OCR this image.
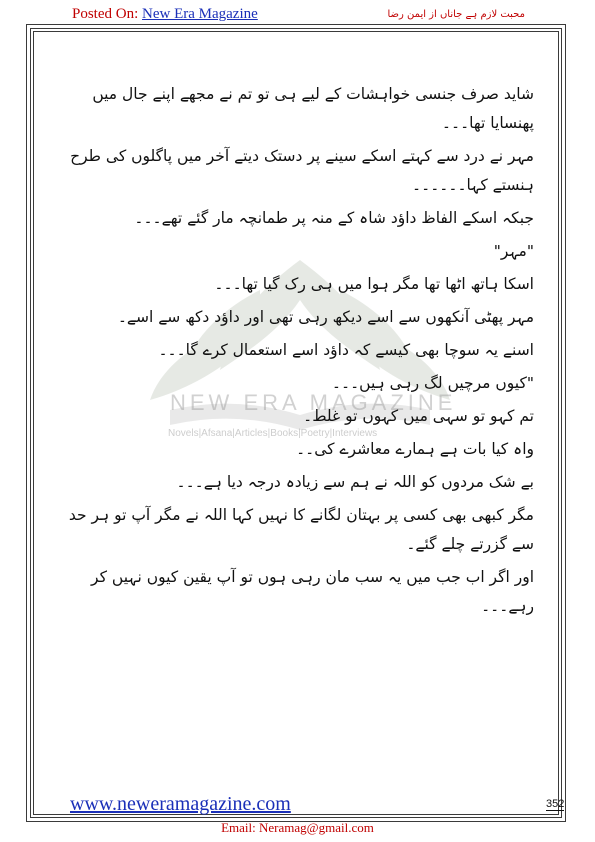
Posted On: New Era Magazine	محبت لازم ہے جاناں از ایمن رضا
NEW ERA MAGAZINE
Novels|Afsana|Articles|Books|Poetry|Interviews

شاید صرف جنسی خواہشات کے لیے ہی تو تم نے مجھے اپنے جال میں پھنسایا تھا۔۔۔

مہر نے درد سے کہتے اسکے سینے پر دستک دیتے آخر میں پاگلوں کی طرح ہنستے کہا۔۔۔۔۔۔

جبکہ اسکے الفاظ داؤد شاہ کے منہ پر طمانچہ مار گئے تھے۔۔۔

"مہر"

اسکا ہاتھ اٹھا تھا مگر ہوا میں ہی رک گیا تھا۔۔۔

مہر پھٹی آنکھوں سے اسے دیکھ رہی تھی اور داؤد دکھ سے اسے۔

اسنے یہ سوچا بھی کیسے کہ داؤد اسے استعمال کرے گا۔۔۔

"کیوں مرچیں لگ رہی ہیں۔۔۔

تم کہو تو سہی میں کہوں تو غلط۔

واہ کیا بات ہے ہمارے معاشرے کی۔۔

بے شک مردوں کو اللہ نے ہم سے زیادہ درجہ دیا ہے۔۔۔

مگر کبھی بھی کسی پر بہتان لگانے کا نہیں کہا اللہ نے مگر آپ تو ہر حد سے گزرتے چلے گئے۔

اور اگر اب جب میں یہ سب مان رہی ہوں تو آپ یقین کیوں نہیں کر رہے۔۔۔

www.neweramagazine.com	352
Email: Neramag@gmail.com
